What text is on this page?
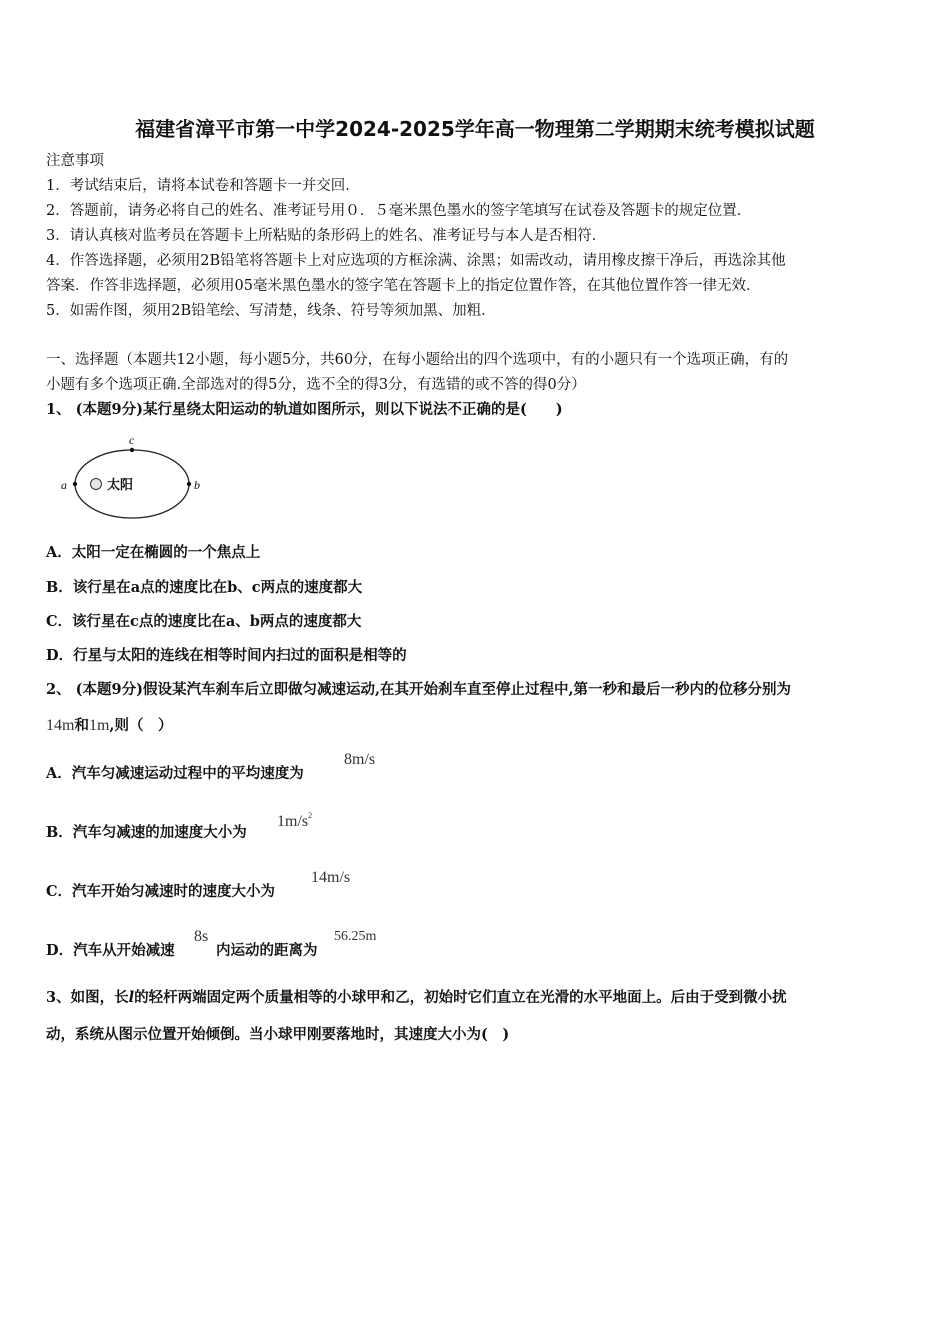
福建省漳平市第一中学2024-2025学年高一物理第二学期期末统考模拟试题
注意事项
1．考试结束后，请将本试卷和答题卡一并交回．
2．答题前，请务必将自己的姓名、准考证号用０．５毫米黑色墨水的签字笔填写在试卷及答题卡的规定位置．
3．请认真核对监考员在答题卡上所粘贴的条形码上的姓名、准考证号与本人是否相符．
4．作答选择题，必须用2B铅笔将答题卡上对应选项的方框涂满、涂黑；如需改动，请用橡皮擦干净后，再选涂其他
答案．作答非选择题，必须用05毫米黑色墨水的签字笔在答题卡上的指定位置作答，在其他位置作答一律无效．
5．如需作图，须用2B铅笔绘、写清楚，线条、符号等须加黑、加粗．
一、选择题（本题共12小题，每小题5分，共60分，在每小题给出的四个选项中，有的小题只有一个选项正确，有的
小题有多个选项正确.全部选对的得5分，选不全的得3分，有选错的或不答的得0分）
1、 (本题9分)某行星绕太阳运动的轨道如图所示，则以下说法不正确的是(　　)
太阳
a	b
c
A．太阳一定在椭圆的一个焦点上
B．该行星在a点的速度比在b、c两点的速度都大
C．该行星在c点的速度比在a、b两点的速度都大
D．行星与太阳的连线在相等时间内扫过的面积是相等的
2、 (本题9分)假设某汽车刹车后立即做匀减速运动,在其开始刹车直至停止过程中,第一秒和最后一秒内的位移分别为
14m和1m,则（　）
A．汽车匀减速运动过程中的平均速度为
8m/s
B．汽车匀减速的加速度大小为
$1m/s^2$
C．汽车开始匀减速时的速度大小为
14m/s
D．汽车从开始减速
8s
内运动的距离为
56.25m
3、如图，长l的轻杆两端固定两个质量相等的小球甲和乙，初始时它们直立在光滑的水平地面上。后由于受到微小扰
动，系统从图示位置开始倾倒。当小球甲刚要落地时，其速度大小为(　)
